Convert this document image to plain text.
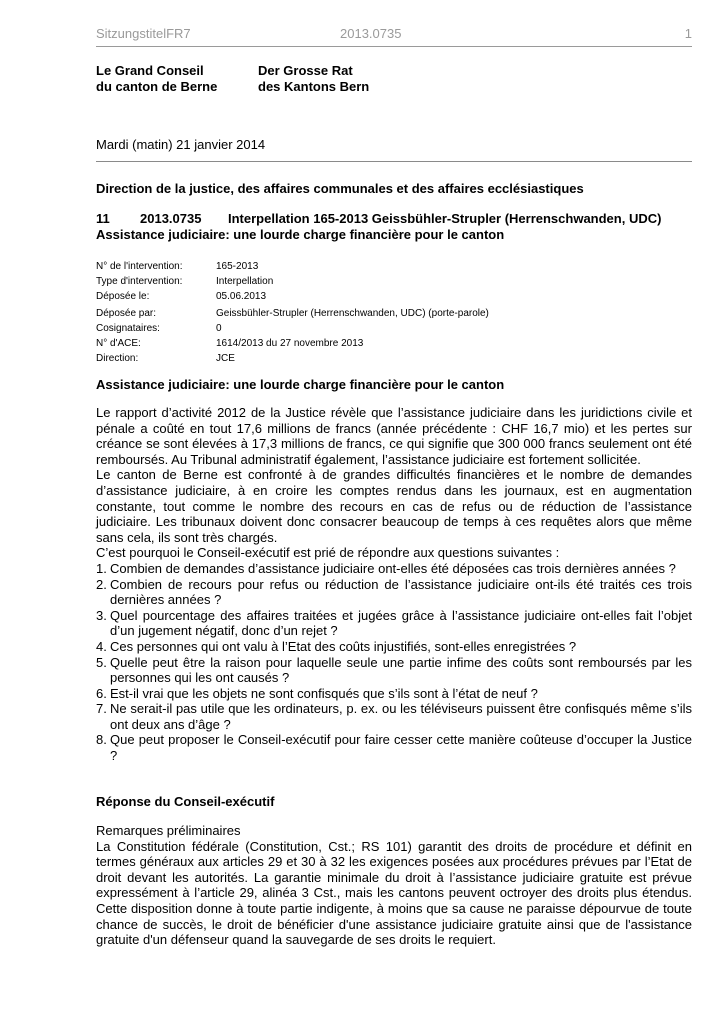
SitzungstitelFR7	2013.0735	1
Le Grand Conseil
du canton de Berne
Der Grosse Rat
des Kantons Bern
Mardi (matin) 21 janvier 2014
Direction de la justice, des affaires communales et des affaires ecclésiastiques
11 2013.0735 Interpellation 165-2013 Geissbühler-Strupler (Herrenschwanden, UDC)
Assistance judiciaire: une lourde charge financière pour le canton
N° de l'intervention:	165-2013
Type d'intervention:	Interpellation
Déposée le:	05.06.2013
Déposée par:	Geissbühler-Strupler (Herrenschwanden, UDC) (porte-parole)
Cosignataires:	0
N° d'ACE:	1614/2013 du 27 novembre 2013
Direction:	JCE
Assistance judiciaire: une lourde charge financière pour le canton

Le rapport d’activité 2012 de la Justice révèle que l’assistance judiciaire dans les juridictions civile et pénale a coûté en tout 17,6 millions de francs (année précédente : CHF 16,7 mio) et les pertes sur créance se sont élevées à 17,3 millions de francs, ce qui signifie que 300 000 francs seulement ont été remboursés. Au Tribunal administratif également, l’assistance judiciaire est fortement sollicitée.

Le canton de Berne est confronté à de grandes difficultés financières et le nombre de demandes d’assistance judiciaire, à en croire les comptes rendus dans les journaux, est en augmentation constante, tout comme le nombre des recours en cas de refus ou de réduction de l’assistance judiciaire. Les tribunaux doivent donc consacrer beaucoup de temps à ces requêtes alors que même sans cela, ils sont très chargés.

C’est pourquoi le Conseil-exécutif est prié de répondre aux questions suivantes :

1. Combien de demandes d’assistance judiciaire ont-elles été déposées cas trois dernières années ?
2. Combien de recours pour refus ou réduction de l’assistance judiciaire ont-ils été traités ces trois dernières années ?
3. Quel pourcentage des affaires traitées et jugées grâce à l’assistance judiciaire ont-elles fait l’objet d’un jugement négatif, donc d’un rejet ?
4. Ces personnes qui ont valu à l’Etat des coûts injustifiés, sont-elles enregistrées ?
5. Quelle peut être la raison pour laquelle seule une partie infime des coûts sont remboursés par les personnes qui les ont causés ?
6. Est-il vrai que les objets ne sont confisqués que s’ils sont à l’état de neuf ?
7. Ne serait-il pas utile que les ordinateurs, p. ex. ou les téléviseurs puissent être confisqués même s’ils ont deux ans d’âge ?
8. Que peut proposer le Conseil-exécutif pour faire cesser cette manière coûteuse d’occuper la Justice ?
Réponse du Conseil-exécutif

Remarques préliminaires

La Constitution fédérale (Constitution, Cst.; RS 101) garantit des droits de procédure et définit en termes généraux aux articles 29 et 30 à 32 les exigences posées aux procédures prévues par l’Etat de droit devant les autorités. La garantie minimale du droit à l’assistance judiciaire gratuite est prévue expressément à l’article 29, alinéa 3 Cst., mais les cantons peuvent octroyer des droits plus étendus. Cette disposition donne à toute partie indigente, à moins que sa cause ne paraisse dépourvue de toute chance de succès, le droit de bénéficier d'une assistance judiciaire gratuite ainsi que de l'assistance gratuite d'un défenseur quand la sauvegarde de ses droits le requiert.
